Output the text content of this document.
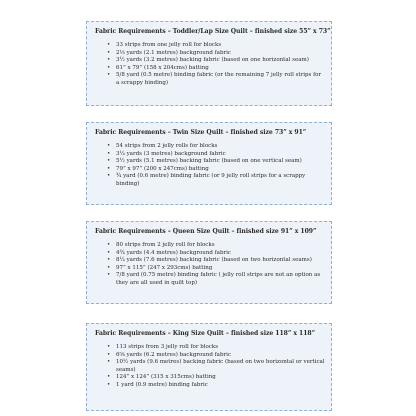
Fabric Requirements – Toddler/Lap Size Quilt – finished size 55” x 73”
• 33 strips from one jelly roll for blocks
• 2⅓ yards (2.1 metres) background fabric
• 3½ yards (3.2 metres) backing fabric (based on one horizontal seam)
• 61” x 79” (158 x 204cms) batting
• 5/8 yard (0.5 metre) binding fabric (or the remaining 7 jelly roll strips for a scrappy binding)
Fabric Requirements – Twin Size Quilt – finished size 73” x 91”
• 54 strips from 2 jelly rolls for blocks
• 3¼ yards (3 metres) background fabric
• 5½ yards (5.1 metres) backing fabric (based on one vertical seam)
• 79” x 97” (200 x 247cms) batting
• ¾ yard (0.6 metre) binding fabric (or 9 jelly roll strips for a scrappy binding)
Fabric Requirements – Queen Size Quilt – finished size 91” x 109”
• 80 strips from 2 jelly roll for blocks
• 4¾ yards (4.4 metres) background fabric
• 8¼ yards (7.6 metres) backing fabric (based on two horizontal seams)
• 97” x 115” (247 x 293cms) batting
• 7/8 yard (0.75 metre) binding fabric ( jelly roll strips are not an option as they are all used in quilt top)
Fabric Requirements – King Size Quilt – finished size 118” x 118”
• 113 strips from 3 jelly roll for blocks
• 6⅝ yards (6.2 metres) background fabric
• 10½ yards (9.6 metres) backing fabric (based on two horizontal or vertical seams)
• 124” x 124” (315 x 315cms) batting
• 1 yard (0.9 metre) binding fabric
